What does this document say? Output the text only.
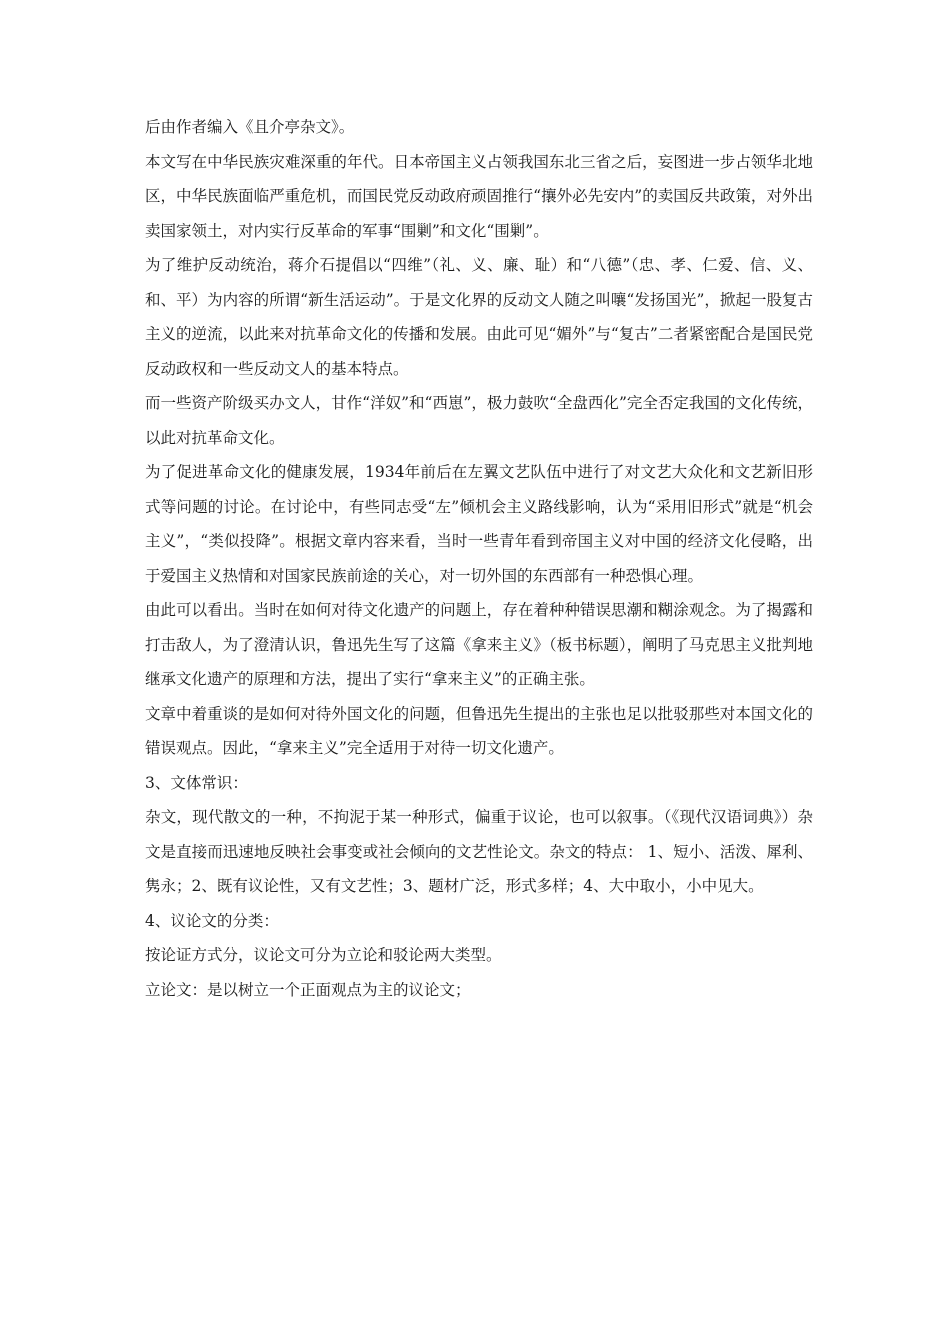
后由作者编入《且介亭杂文》。

本文写在中华民族灾难深重的年代。日本帝国主义占领我国东北三省之后，妄图进一步占领华北地区，中华民族面临严重危机，而国民党反动政府顽固推行“攘外必先安内”的卖国反共政策，对外出卖国家领土，对内实行反革命的军事“围剿”和文化“围剿”。

为了维护反动统治，蒋介石提倡以“四维”（礼、义、廉、耻）和“八德”（忠、孝、仁爱、信、义、和、平）为内容的所谓“新生活运动”。于是文化界的反动文人随之叫嚷“发扬国光”，掀起一股复古主义的逆流，以此来对抗革命文化的传播和发展。由此可见“媚外”与“复古”二者紧密配合是国民党反动政权和一些反动文人的基本特点。

而一些资产阶级买办文人，甘作“洋奴”和“西崽”，极力鼓吹“全盘西化”完全否定我国的文化传统，以此对抗革命文化。

为了促进革命文化的健康发展，1934年前后在左翼文艺队伍中进行了对文艺大众化和文艺新旧形式等问题的讨论。在讨论中，有些同志受“左”倾机会主义路线影响，认为“采用旧形式”就是“机会主义”，“类似投降”。根据文章内容来看，当时一些青年看到帝国主义对中国的经济文化侵略，出于爱国主义热情和对国家民族前途的关心，对一切外国的东西部有一种恐惧心理。

由此可以看出。当时在如何对待文化遗产的问题上，存在着种种错误思潮和糊涂观念。为了揭露和打击敌人，为了澄清认识，鲁迅先生写了这篇《拿来主义》（板书标题），阐明了马克思主义批判地继承文化遗产的原理和方法，提出了实行“拿来主义”的正确主张。

文章中着重谈的是如何对待外国文化的问题，但鲁迅先生提出的主张也足以批驳那些对本国文化的错误观点。因此，“拿来主义”完全适用于对待一切文化遗产。

3、文体常识：

杂文，现代散文的一种，不拘泥于某一种形式，偏重于议论，也可以叙事。（《现代汉语词典》）杂文是直接而迅速地反映社会事变或社会倾向的文艺性论文。杂文的特点： 1、短小、活泼、犀利、隽永；2、既有议论性，又有文艺性；3、题材广泛，形式多样；4、大中取小，小中见大。

4、议论文的分类：

按论证方式分，议论文可分为立论和驳论两大类型。

立论文：是以树立一个正面观点为主的议论文；
